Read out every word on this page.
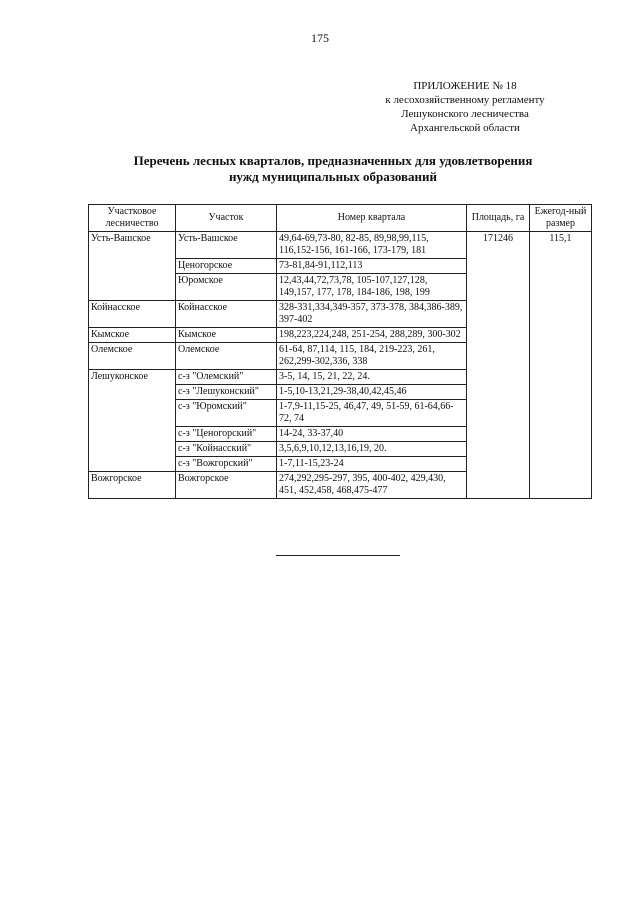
175
ПРИЛОЖЕНИЕ № 18
к лесохозяйственному регламенту
Лешуконского лесничества
Архангельской области
Перечень лесных кварталов, предназначенных для удовлетворения
нужд муниципальных образований
Участковое лесничество	Участок	Номер квартала	Площадь, га	Ежегод-ный размер
Усть-Вашское	Усть-Вашское	49,64-69,73-80, 82-85, 89,98,99,115, 116,152-156, 161-166, 173-179, 181	171246	115,1
	Ценогорское	73-81,84-91,112,113		
	Юромское	12,43,44,72,73,78, 105-107,127,128, 149,157, 177, 178, 184-186, 198, 199		
Койнасское	Койнасское	328-331,334,349-357, 373-378, 384,386-389, 397-402		
Кымское	Кымское	198,223,224,248, 251-254, 288,289, 300-302		
Олемское	Олемское	61-64, 87,114, 115, 184, 219-223, 261, 262,299-302,336, 338		
Лешуконское	с-з "Олемский"	3-5, 14, 15, 21, 22, 24.		
	с-з "Лешуконский"	1-5,10-13,21,29-38,40,42,45,46		
	с-з "Юромский"	1-7,9-11,15-25, 46,47, 49, 51-59, 61-64,66-72, 74		
	с-з "Ценогорский"	14-24, 33-37,40		
	с-з "Койнасский"	3,5,6,9,10,12,13,16,19, 20.		
	с-з "Вожгорский"	1-7,11-15,23-24		
Вожгорское	Вожгорское	274,292,295-297, 395, 400-402, 429,430, 451, 452,458, 468,475-477		
